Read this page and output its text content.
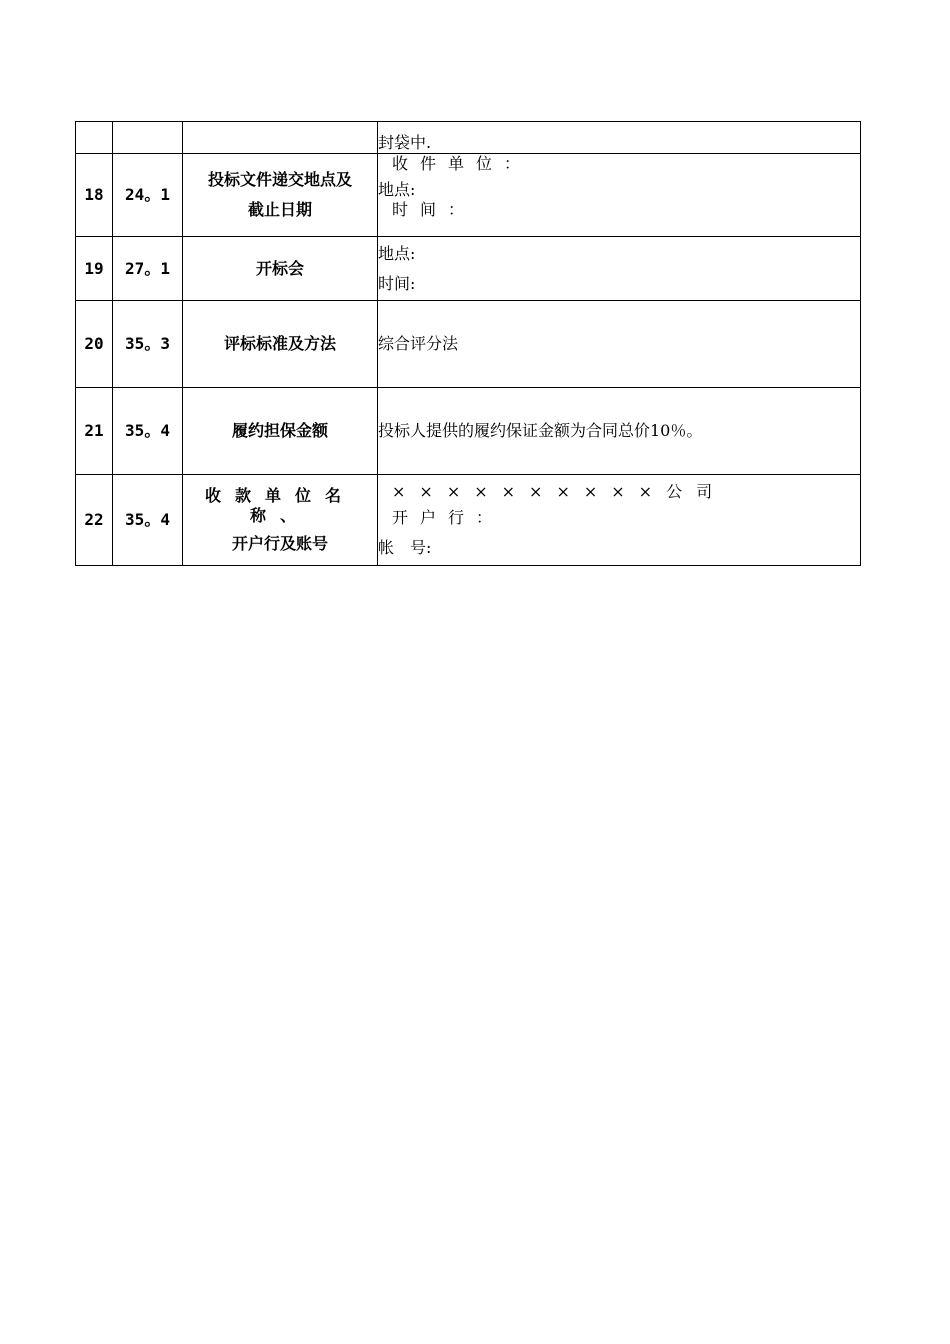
			封袋中.

18	24。1	投标文件递交地点及
截止日期	收件单位：
地点:
时间：

19	27。1	开标会	地点:
时间:

20	35。3	评标标准及方法	综合评分法

21	35。4	履约担保金额	投标人提供的履约保证金额为合同总价10％。

22	35。4	收款单位名
称、
开户行及账号	××××××××××公司
开户行：
帐　号:
